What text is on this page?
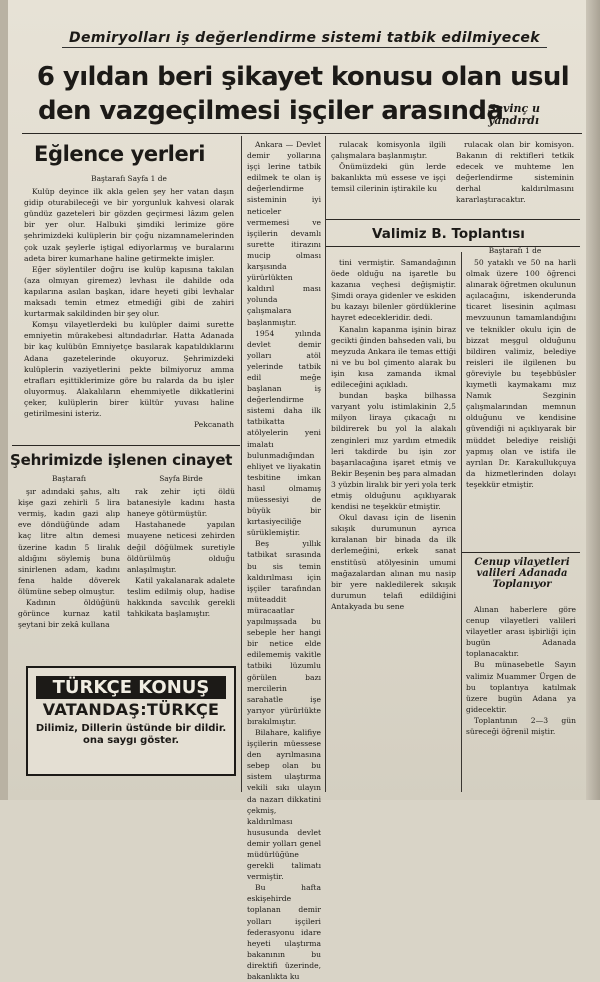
Demiryolları iş değerlendirme sistemi tatbik edilmiyecek
6 yıldan beri şikayet konusu olan usul
den vazgeçilmesi işçiler arasında
Sevinç u yandırdı
Eğlence yerleri
Baştarafı Sayfa 1 de

Kulüp deyince ilk akla gelen şey her vatan daşın gidip oturabileceği ve bir yorgunluk kahvesi olarak gündüz gazeteleri bir gözden geçirmesi lâzım gelen bir yer olur. Halbuki şimdiki lerimize göre şehrimizdeki kulüplerin bir çoğu nizamnamelerinden çok uzak şeylerle iştigal ediyorlarmış ve buralarını adeta birer kumarhane haline getirmekte imişler.

Eğer söylentiler doğru ise kulüp kapısına takılan (aza olmıyan giremez) levhası ile dahilde oda kapılarına asılan başkan, idare heyeti gibi levhalar maksadı temin etmez etmediği gibi de zahiri kurtarmak sakildinden bir şey olur.

Komşu vilayetlerdeki bu kulüpler daimi surette emniyetin mürakebesi altındadırlar. Hatta Adanada bir kaç kulübün Emniyetçe basılarak kapatıldıklarını Adana gazetelerinde okuyoruz. Şehrimizdeki kulüplerin vaziyetlerini pekte bilmiyoruz amma etrafları eşittiklerimize göre bu ralarda da bu işler oluyormuş. Alakalıların ehemmiyetle dikkatlerini çeker, kulüplerin birer kültür yuvası haline getirilmesini isteriz.

Pekcanath

Şehrimizde işlenen cinayet
Baştarafı

şır adındaki şahıs, altı kişe gazi zehirli 5 lira vermiş, kadın gazi alıp eve döndüğünde adam kaç litre altın demesi üzerine kadın 5 liralık aldığını söylemiş buna sinirlenen adam, kadını fena halde döverek ölümüne sebep olmuştur.

Kadının öldüğünü görünce kurnaz katil şeytani bir zekâ kullana

Sayfa Birde

rak zehir içti öldü batanesiyle kadını hasta haneye götürmüştür.

Hastahanede yapılan muayene neticesi zehirden değil döğülmek suretiyle öldürülmüş olduğu anlaşılmıştır.

Katil yakalanarak adalete teslim edilmiş olup, hadise hakkında savcılık gerekli tahkikata başlamıştır.

TÜRKÇE KONUŞ
VATANDAŞ:TÜRKÇE
Dilimiz, Dillerin üstünde bir dildir. ona saygı göster.

Ankara — Devlet demir yollarına işçi lerine tatbik edilmek te olan iş değerlendirme sisteminin iyi neticeler vermemesi ve işçilerin devamlı surette itirazını mucip olması karşısında yürürlükten kaldırıl ması yolunda çalışmalara başlanmıştır.

1954 yılında devlet demir yolları atöl yelerinde tatbik edil meğe başlanan iş değerlendirme sistemi daha ilk tatbikatta atölyelerin yeni imalatı bulunmadığından ehliyet ve liyakatin tesbitine imkan hasıl olmamış müessesiyi de büyük bir kırtasiyeciliğe sürüklemiştir.

Beş yıllık tatbikat sırasında bu sis temin kaldırılması için işçiler tarafından müteaddit müracaatlar yapılmışsada bu sebeple her hangi bir netice elde edilememiş vakitle tatbiki lüzumlu görülen bazı mercilerin sarahatle işe yarıyor yürürlükte bırakılmıştır.

Bilahare, kalifiye işçilerin müessese den ayrılmasına sebep olan bu sistem ulaştırma vekili sıkı ulayın da nazarı dikkatini çekmiş, kaldırılması hususunda devlet demir yolları genel müdürlüğüne gerekli talimatı vermiştir.

Bu hafta eskişehirde toplanan demir yolları işçileri federasyonu idare heyeti ulaştırma bakanının bu direktifi üzerinde, bakanlıkta ku

rulacak komisyonla ilgili çalışmalara başlanmıştır.

Önümüzdeki gün lerde bakanlıkta mü essese ve işçi temsil cilerinin iştirakile ku

rulacak olan bir komisyon. Bakanın di rektifleri tetkik edecek ve muhteme len değerlendirme sisteminin derhal kaldırılmasını kararlaştıracaktır.

Valimiz B. Toplantısı
Baştarafı 1 de

tini vermiştir. Samandağının öede olduğu na işaretle bu kazanıa veçhesi değişmiştir. Şimdi oraya gidenler ve eskiden bu kazayı bilenler gördüklerine hayret edecekleridir. dedi.

Kanalın kapanma işinin biraz gecikti ğinden bahseden vali, bu meyzuda Ankara ile temas ettiği ni ve bu bol çimento alarak bu işin kısa zamanda ikmal edileceğini açıkladı.

bundan başka bilhassa varyant yolu istimlakinin 2,5 milyon liraya çıkacağı nı bildirerek bu yol la alakalı zenginleri mız yardım etmedik leri takdirde bu işin zor başarılacağına işaret etmiş ve Bekir Beşenin beş para almadan 3 yüzbin liralık bir yeri yola terk etmiş olduğunu açıklıyarak kendisi ne teşekkür etmiştir.

Okul davası için de lisenin sıkışık durumunun ayrıca kıralanan bir binada da ilk derlemeğini, erkek sanat enstitüsü atölyesinin umumi mağazalardan alınan mu nasip bir yere nakledilerek sıkışık durumun telafi edildiğini Antakyada bu sene

50 yataklı ve 50 na harli olmak üzere 100 öğrenci alınarak öğretmen okulunun açılacağını, iskenderunda ticaret lisesinin açılması mevzuunun tamamlandığını ve teknikler okulu için de bizzat meşgul olduğunu bildiren valimiz, belediye reisleri ile ilgilenen bu göreviyle bu teşebbüsler kıymetli kaymakamı mız Namık Sezginin çalışmalarından memnun olduğunu ve kendisine güvendiği ni açıklıyarak bir müddet belediye reisliği yapmış olan ve istifa ile ayrılan Dr. Karakullukçuya da hizmetlerinden dolayı teşekkür etmiştir.

Cenup vilayetleri valileri Adanada Toplanıyor

Alınan haberlere göre cenup vilayetleri valileri vilayetler arası işbirliği için bugün Adanada toplanacaktır.

Bu münasebetle Sayın valimiz Muammer Ürgen de bu toplantıya katılmak üzere bugün Adana ya gidecektir.

Toplantının 2—3 gün süreceği öğrenil miştir.
